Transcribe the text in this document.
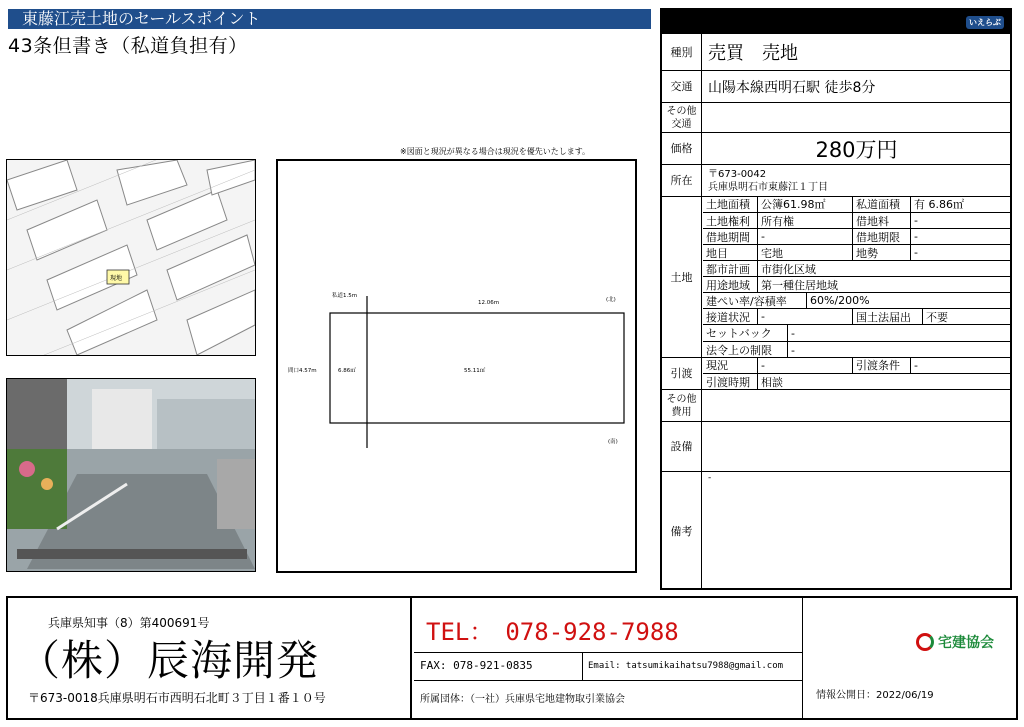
東藤江売土地のセールスポイント
43条但書き（私道負担有）
※図面と現況が異なる場合は現況を優先いたします。
現地
私道1.5m
12.06m	(北)
(南)
間口4.57m	6.86㎡	55.11㎡
いえらぶ
種別 売買　売地
交通	山陽本線西明石駅 徒歩8分
その他交通
価格	280万円
所在	〒673-0042
兵庫県明石市東藤江１丁目
土地
土地面積	公簿61.98㎡	私道面積	有 6.86㎡
土地権利	所有権	借地料	-
借地期間	-	借地期限	-
地目	宅地	地勢	-
都市計画	市街化区域
用途地域	第一種住居地域
建ぺい率/容積率	60%/200%
接道状況	-	国土法届出	不要
セットバック	-
法令上の制限	-
引渡
現況	-	引渡条件	-
引渡時期	相談
その他費用
設備
備考
-
兵庫県知事（8）第400691号
（株）辰海開発
〒673-0018兵庫県明石市西明石北町３丁目１番１０号
TEL：　078-928-7988
FAX: 078-921-0835	Email: tatsumikaihatsu7988@gmail.com
所属団体：（一社）兵庫県宅地建物取引業協会
宅建協会
情報公開日：2022/06/19
